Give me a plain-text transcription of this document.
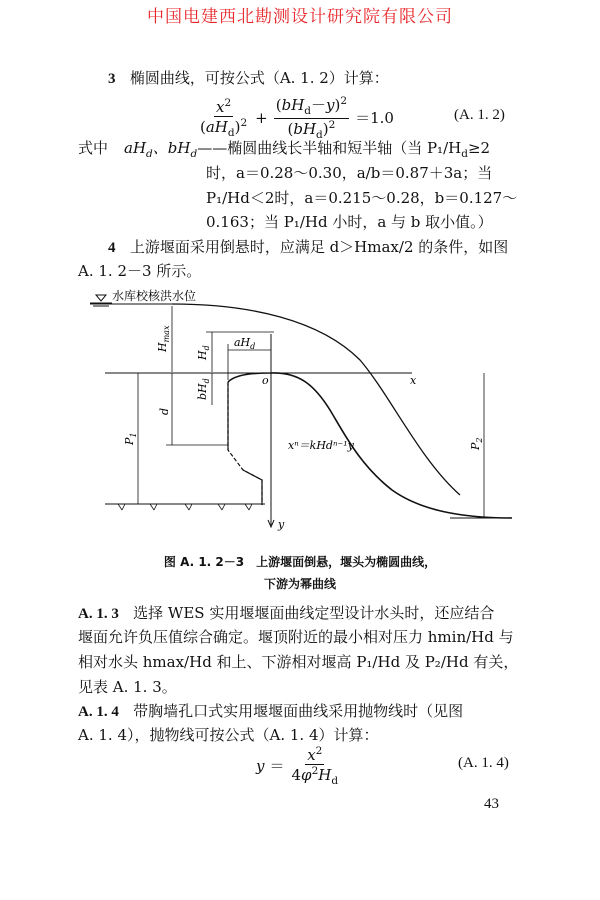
中国电建西北勘测设计研究院有限公司
3 椭圆曲线，可按公式（A. 1. 2）计算：
$\frac{x^2}{(aH_d)^2} + \frac{(bH_d-y)^2}{(bH_d)^2} =1.0$	(A. 1. 2)
式中 $aH_d$、$bH_d——$椭圆曲线长半轴和短半轴（当 $P_1/H_d\ge 2$
时，a＝0.28～0.30，a/b＝0.87＋3a；当
P₁/Hd＜2时，a＝0.215～0.28，b＝0.127～
0.163；当 P₁/Hd 小时，a 与 b 取小值。）
4 上游堰面采用倒悬时，应满足 d＞Hmax/2 的条件，如图
A. 1. 2－3 所示。
水库校核洪水位
x
y
o
$H_{max}$
$H_d$ $aH_d$
$bH_d$
d
$P_1$
$P_2$
xⁿ＝kHdⁿ⁻¹y
图 A. 1. 2－3　上游堰面倒悬，堰头为椭圆曲线，
下游为幂曲线
A. 1. 3 选择 WES 实用堰堰面曲线定型设计水头时，还应结合
堰面允许负压值综合确定。堰顶附近的最小相对压力 hmin/Hd 与
相对水头 hmax/Hd 和上、下游相对堰高 P₁/Hd 及 P₂/Hd 有关，
见表 A. 1. 3。
A. 1. 4 带胸墙孔口式实用堰堰面曲线采用抛物线时（见图
A. 1. 4），抛物线可按公式（A. 1. 4）计算：
$y = \frac{x^2}{4\varphi^2H_d}$	(A. 1. 4)
43
